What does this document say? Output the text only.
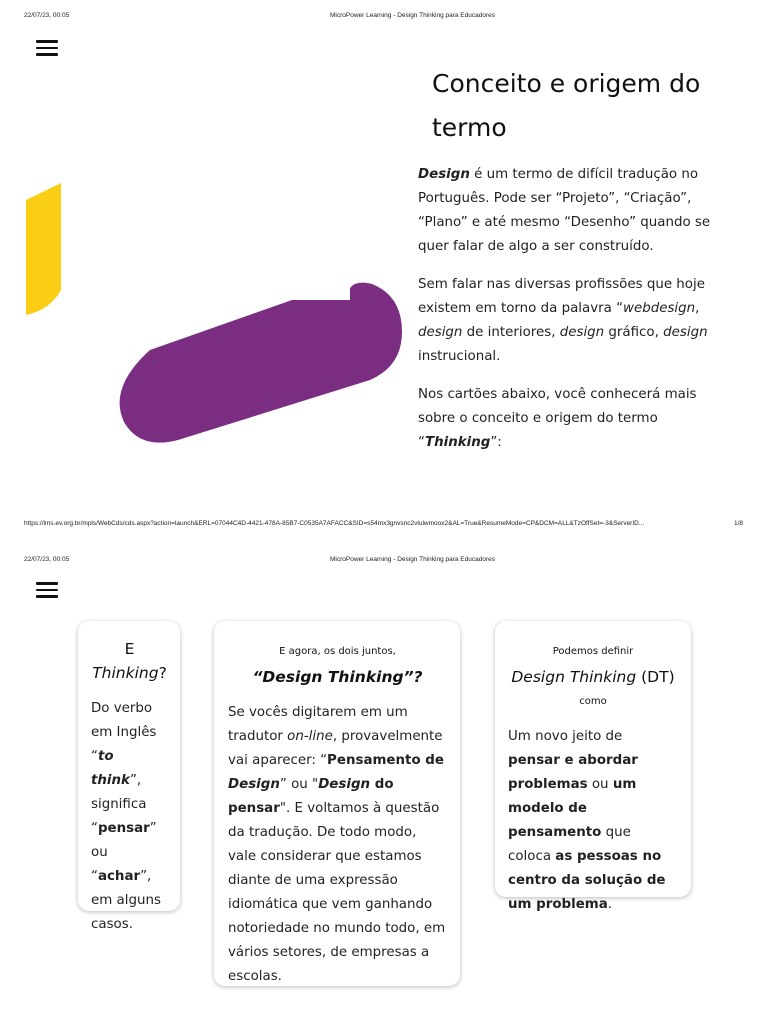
22/07/23, 00:05	MicroPower Learning - Design Thinking para Educadores
Conceito e origem do
termo

Design é um termo de difícil tradução no Português. Pode ser “Projeto”, “Criação”, “Plano” e até mesmo “Desenho” quando se quer falar de algo a ser construído.

Sem falar nas diversas profissões que hoje existem em torno da palavra “webdesign, design de interiores, design gráfico, design instrucional.

Nos cartões abaixo, você conhecerá mais sobre o conceito e origem do termo “Thinking”:

https://lms.ev.org.br/mpls/WebCds/cds.aspx?action=launch&ERL=07044C4D-4421-478A-85B7-C0535A7AFACC&SID=s54mx3gnvsnc2vlulwmoox2&AL=True&ResumeMode=CP&DCM=ALL&TzOffSet=-3&ServerID...	1/8
22/07/23, 00:05	MicroPower Learning - Design Thinking para Educadores
E
Thinking?
Do verbo em Inglês “to think”, significa “pensar” ou “achar”, em alguns casos.
E agora, os dois juntos,
“Design Thinking”?
Se vocês digitarem em um tradutor on-line, provavelmente vai aparecer: “Pensamento de Design” ou "Design do pensar". E voltamos à questão da tradução. De todo modo, vale considerar que estamos diante de uma expressão idiomática que vem ganhando notoriedade no mundo todo, em vários setores, de empresas a escolas.
Podemos definir
Design Thinking (DT)
como
Um novo jeito de pensar e abordar problemas ou um modelo de pensamento que coloca as pessoas no centro da solução de um problema.
